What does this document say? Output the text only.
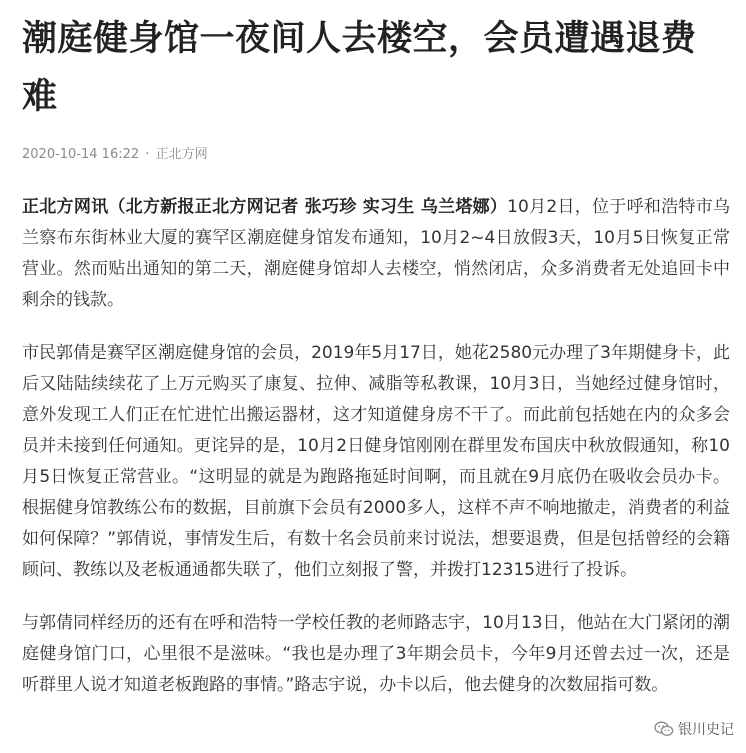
潮庭健身馆一夜间人去楼空，会员遭遇退费难
2020-10-14 16:22 · 正北方网

正北方网讯（北方新报正北方网记者 张巧珍 实习生 乌兰塔娜）10月2日，位于呼和浩特市乌兰察布东街林业大厦的赛罕区潮庭健身馆发布通知，10月2~4日放假3天，10月5日恢复正常营业。然而贴出通知的第二天，潮庭健身馆却人去楼空，悄然闭店，众多消费者无处追回卡中剩余的钱款。

市民郭倩是赛罕区潮庭健身馆的会员，2019年5月17日，她花2580元办理了3年期健身卡，此后又陆陆续续花了上万元购买了康复、拉伸、减脂等私教课，10月3日，当她经过健身馆时，意外发现工人们正在忙进忙出搬运器材，这才知道健身房不干了。而此前包括她在内的众多会员并未接到任何通知。更诧异的是，10月2日健身馆刚刚在群里发布国庆中秋放假通知，称10月5日恢复正常营业。“这明显的就是为跑路拖延时间啊，而且就在9月底仍在吸收会员办卡。根据健身馆教练公布的数据，目前旗下会员有2000多人，这样不声不响地撤走，消费者的利益如何保障？”郭倩说，事情发生后，有数十名会员前来讨说法，想要退费，但是包括曾经的会籍顾问、教练以及老板通通都失联了，他们立刻报了警，并拨打12315进行了投诉。

与郭倩同样经历的还有在呼和浩特一学校任教的老师路志宇，10月13日，他站在大门紧闭的潮庭健身馆门口，心里很不是滋味。“我也是办理了3年期会员卡，今年9月还曾去过一次，还是听群里人说才知道老板跑路的事情。”路志宇说，办卡以后，他去健身的次数屈指可数。

银川史记
